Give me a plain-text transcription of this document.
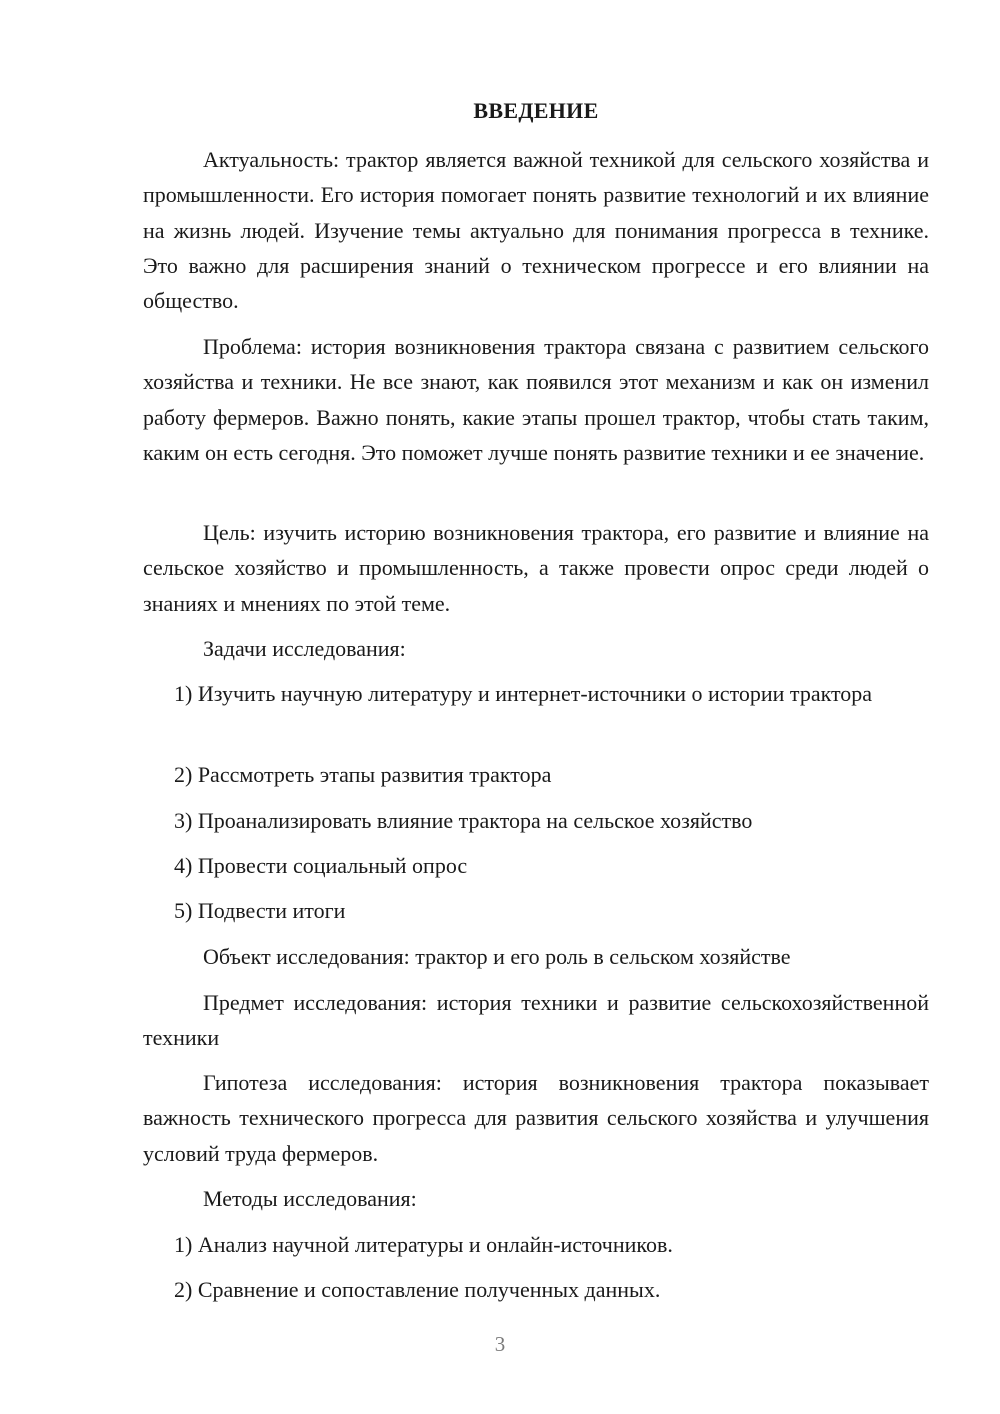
ВВЕДЕНИЕ
Актуальность: трактор является важной техникой для сельского хозяйства и промышленности. Его история помогает понять развитие технологий и их влияние на жизнь людей. Изучение темы актуально для понимания прогресса в технике. Это важно для расширения знаний о техническом прогрессе и его влиянии на общество.
Проблема: история возникновения трактора связана с развитием сельского хозяйства и техники. Не все знают, как появился этот механизм и как он изменил работу фермеров. Важно понять, какие этапы прошел трактор, чтобы стать таким, каким он есть сегодня. Это поможет лучше понять развитие техники и ее значение.
Цель: изучить историю возникновения трактора, его развитие и влияние на сельское хозяйство и промышленность, а также провести опрос среди людей о знаниях и мнениях по этой теме.
Задачи исследования:
1) Изучить научную литературу и интернет-источники о истории трактора
2) Рассмотреть этапы развития трактора
3) Проанализировать влияние трактора на сельское хозяйство
4) Провести социальный опрос
5) Подвести итоги
Объект исследования: трактор и его роль в сельском хозяйстве
Предмет исследования: история техники и развитие сельскохозяйственной техники
Гипотеза исследования: история возникновения трактора показывает важность технического прогресса для развития сельского хозяйства и улучшения условий труда фермеров.
Методы исследования:
1) Анализ научной литературы и онлайн-источников.
2) Сравнение и сопоставление полученных данных.
3
